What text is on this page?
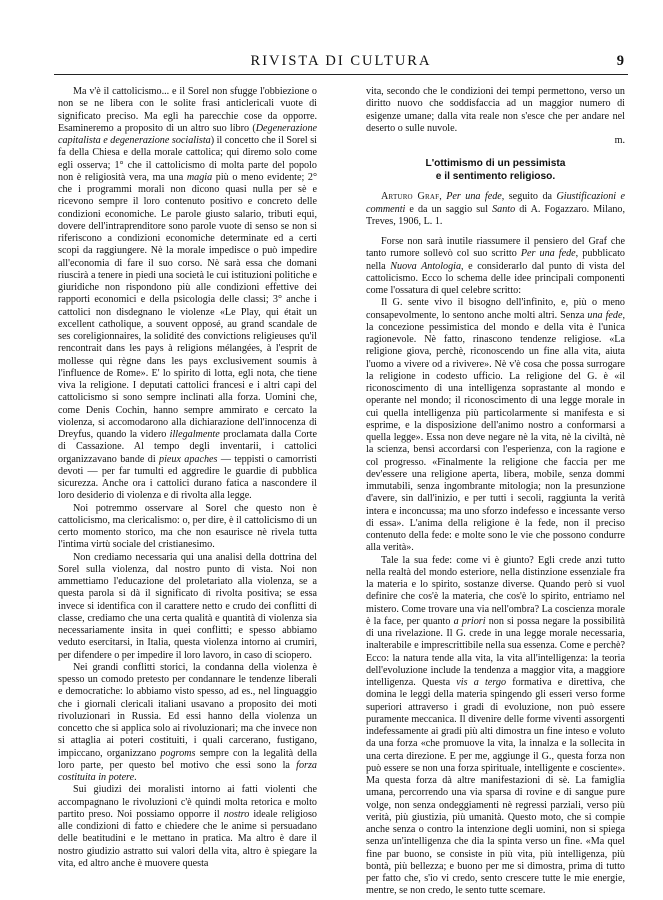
RIVISTA DI CULTURA	9

Ma v'è il cattolicismo... e il Sorel non sfugge l'obbiezione o non se ne libera con le solite frasi anticlericali vuote di significato preciso. Ma eglì ha parecchie cose da opporre. Esamineremo a proposito di un altro suo libro (Degenerazione capitalista e degenerazione socialista) il concetto che il Sorel si fa della Chiesa e della morale cattolica; qui diremo solo come egli osserva; 1° che il cattolicismo di molta parte del popolo non è religiosità vera, ma una magia più o meno evidente; 2° che i programmi morali non dicono quasi nulla per sè e ricevono sempre il loro contenuto positivo e concreto delle condizioni economiche. Le parole giusto salario, tributi equi, dovere dell'intraprenditore sono parole vuote di senso se non si riferiscono a condizioni economiche determinate ed a certi scopi da raggiungere. Nè la morale impedisce o può impedire all'economia di fare il suo corso. Nè sarà essa che domani riuscirà a tenere in piedi una società le cui istituzioni politiche e giuridiche non rispondono più alle condizioni effettive dei rapporti economici e della psicologia delle classi; 3° anche i cattolici non disdegnano le violenze «Le Play, qui était un excellent catholique, a souvent opposé, au grand scandale de ses coreligionnaires, la solidité des convictions religieuses qu'il rencontrait dans les pays à religions mélangées, à l'esprit de mollesse qui règne dans les pays exclusivement soumis à l'influence de Rome». E' lo spirito di lotta, egli nota, che tiene viva la religione. I deputati cattolici francesi e i altri capi del cattolicismo si sono sempre inclinati alla forza. Uomini che, come Denis Cochin, hanno sempre ammirato e cercato la violenza, si accomodarono alla dichiarazione dell'innocenza di Dreyfus, quando la videro illegalmente proclamata dalla Corte di Cassazione. Al tempo degli inventarii, i cattolici organizzavano bande di pieux apaches — teppisti o camorristi devoti — per far tumulti ed aggredire le guardie di pubblica sicurezza. Anche ora i cattolici durano fatica a nascondere il loro desiderio di violenza e di rivolta alla legge.

Noi potremmo osservare al Sorel che questo non è cattolicismo, ma clericalismo: o, per dire, è il cattolicismo di un certo momento storico, ma che non esaurisce nè rivela tutta l'intima virtù sociale del cristianesimo.

Non crediamo necessaria qui una analisi della dottrina del Sorel sulla violenza, dal nostro punto di vista. Noi non ammettiamo l'educazione del proletariato alla violenza, se a questa parola si dà il significato di rivolta positiva; se essa invece si identifica con il carattere netto e crudo dei conflitti di classe, crediamo che una certa qualità e quantità di violenza sia necessariamente insita in quei conflitti; e spesso abbiamo veduto esercitarsi, in Italia, questa violenza intorno ai crumiri, per difendere o per impedire il loro lavoro, in caso di sciopero.

Nei grandi conflitti storici, la condanna della violenza è spesso un comodo pretesto per condannare le tendenze liberali e democratiche: lo abbiamo visto spesso, ad es., nel linguaggio che i giornali clericali italiani usavano a proposito dei moti rivoluzionari in Russia. Ed essi hanno della violenza un concetto che si applica solo ai rivoluzionari; ma che invece non si attaglia ai poteri costituiti, i quali carcerano, fustigano, impiccano, organizzano pogroms sempre con la legalità della loro parte, per questo bel motivo che essi sono la forza costituita in potere.

Sui giudizi dei moralisti intorno ai fatti violenti che accompagnano le rivoluzioni c'è quindi molta retorica e molto partito preso. Noi possiamo opporre il nostro ideale religioso alle condizioni di fatto e chiedere che le anime si persuadano delle beatitudini e le mettano in pratica. Ma altro è dare il nostro giudizio astratto sui valori della vita, altro è spiegare la vita, ed altro anche è muovere questa

vita, secondo che le condizioni dei tempi permettono, verso un diritto nuovo che soddisfaccia ad un maggior numero di esigenze umane; dalla vita reale non s'esce che per andare nel deserto o sulle nuvole.

m.

L'ottimismo di un pessimista
e il sentimento religioso.

Arturo Graf, Per una fede, seguito da Giustificazioni e commenti e da un saggio sul Santo di A. Fogazzaro. Milano, Treves, 1906, L. 1.

Forse non sarà inutile riassumere il pensiero del Graf che tanto rumore sollevò col suo scritto Per una fede, pubblicato nella Nuova Antologia, e considerarlo dal punto di vista del cattolicismo. Ecco lo schema delle idee principali componenti come l'ossatura di quel celebre scritto:

Il G. sente vivo il bisogno dell'infinito, e, più o meno consapevolmente, lo sentono anche molti altri. Senza una fede, la concezione pessimistica del mondo e della vita è l'unica ragionevole. Nè fatto, rinascono tendenze religiose. «La religione giova, perchè, riconoscendo un fine alla vita, aiuta l'uomo a vivere od a rivivere». Nè v'è cosa che possa surrogare la religione in codesto ufficio. La religione del G. è «il riconoscimento di una intelligenza soprastante al mondo e operante nel mondo; il riconoscimento di una legge morale in cui quella intelligenza più particolarmente si manifesta e si esprime, e la disposizione dell'animo nostro a conformarsi a quella legge». Essa non deve negare nè la vita, nè la civiltà, nè la scienza, bensì accordarsi con l'esperienza, con la ragione e col progresso. «Finalmente la religione che faccia per me dev'essere una religione aperta, libera, mobile, senza dommi immutabili, senza ingombrante mitologia; non la presunzione d'avere, sin dall'inizio, e per tutti i secoli, raggiunta la verità intera e inconcussa; ma uno sforzo indefesso e incessante verso di essa». L'anima della religione è la fede, non il preciso contenuto della fede: e molte sono le vie che possono condurre alla verità».

Tale la sua fede: come vi è giunto? Egli crede anzi tutto nella realtà del mondo esteriore, nella distinzione essenziale fra la materia e lo spirito, sostanze diverse. Quando però si vuol definire che cos'è la materia, che cos'è lo spirito, entriamo nel mistero. Come trovare una via nell'ombra? La coscienza morale è la face, per quanto a priori non si possa negare la possibilità di una rivelazione. Il G. crede in una legge morale necessaria, inalterabile e imprescrittibile nella sua essenza. Come e perchè? Ecco: la natura tende alla vita, la vita all'intelligenza: la teoria dell'evoluzione include la tendenza a maggior vita, a maggiore intelligenza. Questa vis a tergo formativa e direttiva, che domina le leggi della materia spingendo gli esseri verso forme superiori attraverso i gradi di evoluzione, non può essere puramente meccanica. Il divenire delle forme viventi assorgenti indefessamente ai gradi più alti dimostra un fine inteso e voluto da una forza «che promuove la vita, la innalza e la sollecita in una certa direzione. E per me, aggiunge il G., questa forza non può essere se non una forza spirituale, intelligente e cosciente». Ma questa forza dà altre manifestazioni di sè. La famiglia umana, percorrendo una via sparsa di rovine e di sangue pure volge, non senza ondeggiamenti nè regressi parziali, verso più verità, più giustizia, più umanità. Questo moto, che si compie anche senza o contro la intenzione degli uomini, non si spiega senza un'intelligenza che dia la spinta verso un fine. «Ma quel fine par buono, se consiste in più vita, più intelligenza, più bontà, più bellezza; e buono per me si dimostra, prima di tutto per fatto che, s'io vi credo, sento crescere tutte le mie energie, mentre, se non credo, le sento tutte scemare.
